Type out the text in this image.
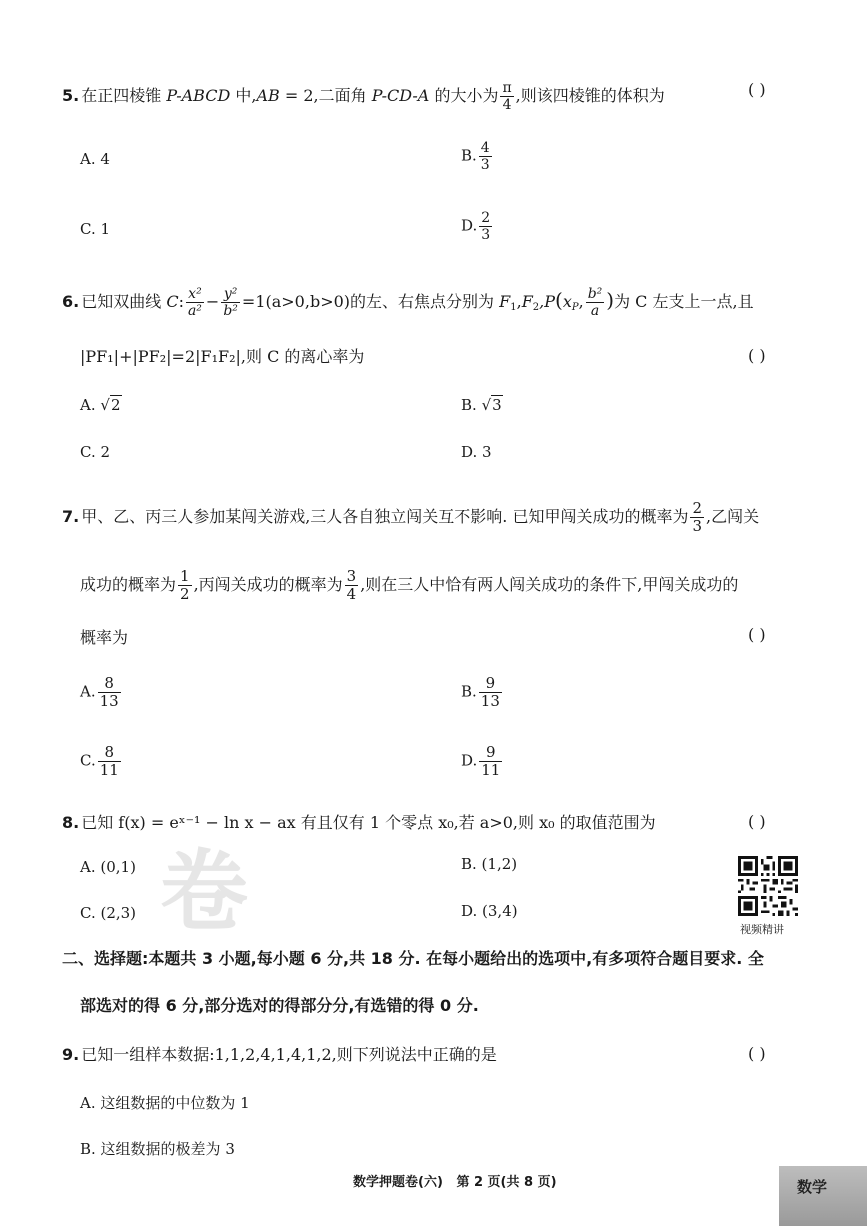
5. 在正四棱锥 P-ABCD 中,AB = 2,二面角 P-CD-A 的大小为 $\frac{\pi}{4}$ ,则该四棱锥的体积为	( )
A. 4	B. $\frac{4}{3}$
C. 1	D. $\frac{2}{3}$
6. 已知双曲线 C: $\frac{\text{x²}}{\text{a²}} - \frac{\text{y²}}{\text{b²}} =1(a>0,b>0)$的左、右焦点分别为 $F_1,F_2,P(x_P$, $\frac{\text{b²}}{a}$ )为 C 左支上一点,且
|PF₁|+|PF₂|=2|F₁F₂|,则 C 的离心率为	( )
A. √2	B. √3
C. 2	D. 3
7. 甲、乙、丙三人参加某闯关游戏,三人各自独立闯关互不影响. 已知甲闯关成功的概率为 $\frac{2}{3}$ ,乙闯关
成功的概率为 $\frac{1}{2}$ ,丙闯关成功的概率为 $\frac{3}{4}$ ,则在三人中恰有两人闯关成功的条件下,甲闯关成功的
概率为	( )
A. $\frac{8}{13}$	B. $\frac{9}{13}$
C. $\frac{8}{11}$	D. $\frac{9}{11}$
8. 已知 f(x) = eˣ⁻¹ − ln x − ax 有且仅有 1 个零点 x₀,若 a>0,则 x₀ 的取值范围为	( )
卷
A. (0,1)	B. (1,2)
C. (2,3)	D. (3,4)
视频精讲
二、选择题:本题共 3 小题,每小题 6 分,共 18 分. 在每小题给出的选项中,有多项符合题目要求. 全
部选对的得 6 分,部分选对的得部分分,有选错的得 0 分.
9. 已知一组样本数据:1,1,2,4,1,4,1,2,则下列说法中正确的是	( )
A. 这组数据的中位数为 1
B. 这组数据的极差为 3
数学押题卷(六)   第 2 页(共 8 页)	数学
